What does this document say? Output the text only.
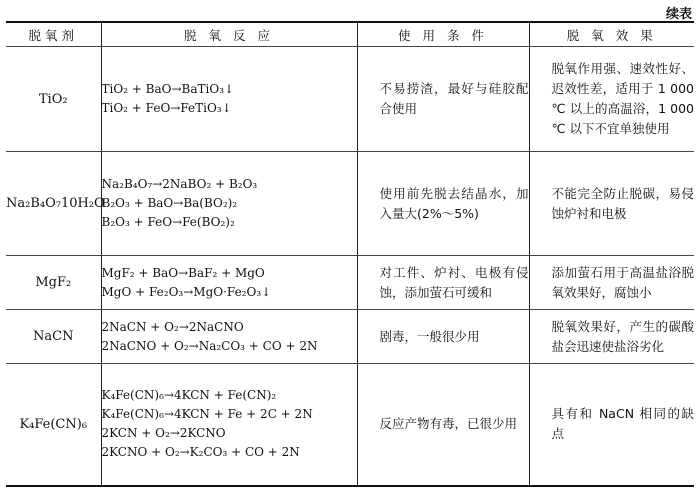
续表
脱氧剂	脱 氧 反 应	使 用 条 件	脱 氧 效 果
TiO₂	TiO₂ + BaO→BaTiO₃↓
TiO₂ + FeO→FeTiO₃↓	不易捞渣，最好与硅胶配合使用	脱氧作用强、速效性好、迟效性差，适用于 1 000 ℃ 以上的高温浴，1 000 ℃ 以下不宜单独使用

Na₂B₄O₇10H₂O	Na₂B₄O₇→2NaBO₂ + B₂O₃
B₂O₃ + BaO→Ba(BO₂)₂
B₂O₃ + FeO→Fe(BO₂)₂	使用前先脱去结晶水，加入量大(2%～5%)	不能完全防止脱碳，易侵蚀炉衬和电极

MgF₂	MgF₂ + BaO→BaF₂ + MgO
MgO + Fe₂O₃→MgO·Fe₂O₃↓	对工件、炉衬、电极有侵蚀，添加萤石可缓和	添加萤石用于高温盐浴脱氧效果好，腐蚀小

NaCN	2NaCN + O₂→2NaCNO
2NaCNO + O₂→Na₂CO₃ + CO + 2N	剧毒，一般很少用	脱氧效果好，产生的碳酸盐会迅速使盐浴劣化

K₄Fe(CN)₆	K₄Fe(CN)₆→4KCN + Fe(CN)₂
K₄Fe(CN)₆→4KCN + Fe + 2C + 2N
2KCN + O₂→2KCNO
2KCNO + O₂→K₂CO₃ + CO + 2N	反应产物有毒，已很少用	具有和 NaCN 相同的缺点
